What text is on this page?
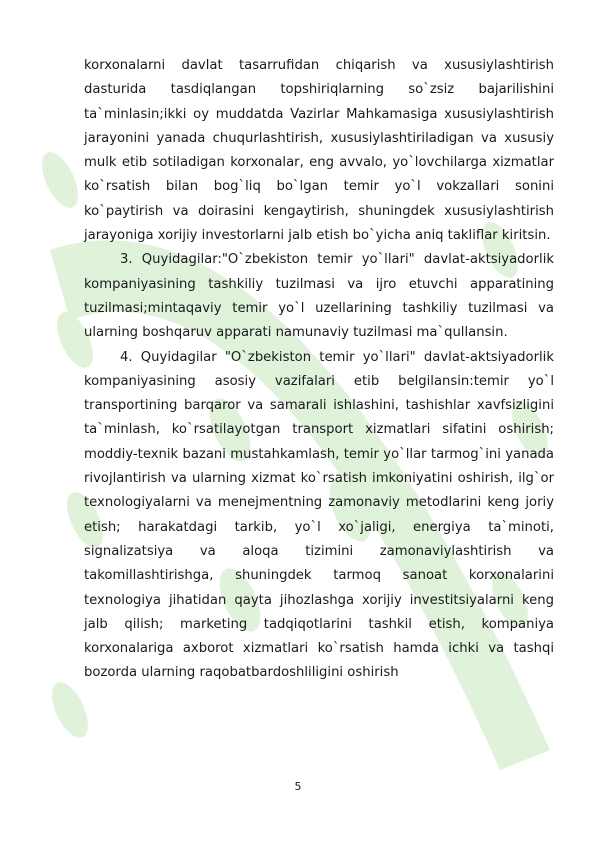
korxonalarni davlat tasarrufidan chiqarish va xususiylashtirish dasturida tasdiqlangan topshiriqlarning so`zsiz bajarilishini ta`minlasin;ikki oy muddatda Vazirlar Mahkamasiga xususiylashtirish jarayonini yanada chuqurlashtirish, xususiylashtiriladigan va xususiy mulk etib sotiladigan korxonalar, eng avvalo, yo`lovchilarga xizmatlar ko`rsatish bilan bog`liq bo`lgan temir yo`l vokzallari sonini ko`paytirish va doirasini kengaytirish, shuningdek xususiylashtirish jarayoniga xorijiy investorlarni jalb etish bo`yicha aniq takliflar kiritsin.

3. Quyidagilar:"O`zbekiston temir yo`llari" davlat-aktsiyadorlik kompaniyasining tashkiliy tuzilmasi va ijro etuvchi apparatining tuzilmasi;mintaqaviy temir yo`l uzellarining tashkiliy tuzilmasi va ularning boshqaruv apparati namunaviy tuzilmasi ma`qullansin.

4. Quyidagilar "O`zbekiston temir yo`llari" davlat-aktsiyadorlik kompaniyasining asosiy vazifalari etib belgilansin:temir yo`l transportining barqaror va samarali ishlashini, tashishlar xavfsizligini ta`minlash, ko`rsatilayotgan transport xizmatlari sifatini oshirish; moddiy-texnik bazani mustahkamlash, temir yo`llar tarmog`ini yanada rivojlantirish va ularning xizmat ko`rsatish imkoniyatini oshirish, ilg`or texnologiyalarni va menejmentning zamonaviy metodlarini keng joriy etish; harakatdagi tarkib, yo`l xo`jaligi, energiya ta`minoti, signalizatsiya va aloqa tizimini zamonaviylashtirish va takomillashtirishga, shuningdek tarmoq sanoat korxonalarini texnologiya jihatidan qayta jihozlashga xorijiy investitsiyalarni keng jalb qilish; marketing tadqiqotlarini tashkil etish, kompaniya korxonalariga axborot xizmatlari ko`rsatish hamda ichki va tashqi bozorda ularning raqobatbardoshliligini oshirish

5
